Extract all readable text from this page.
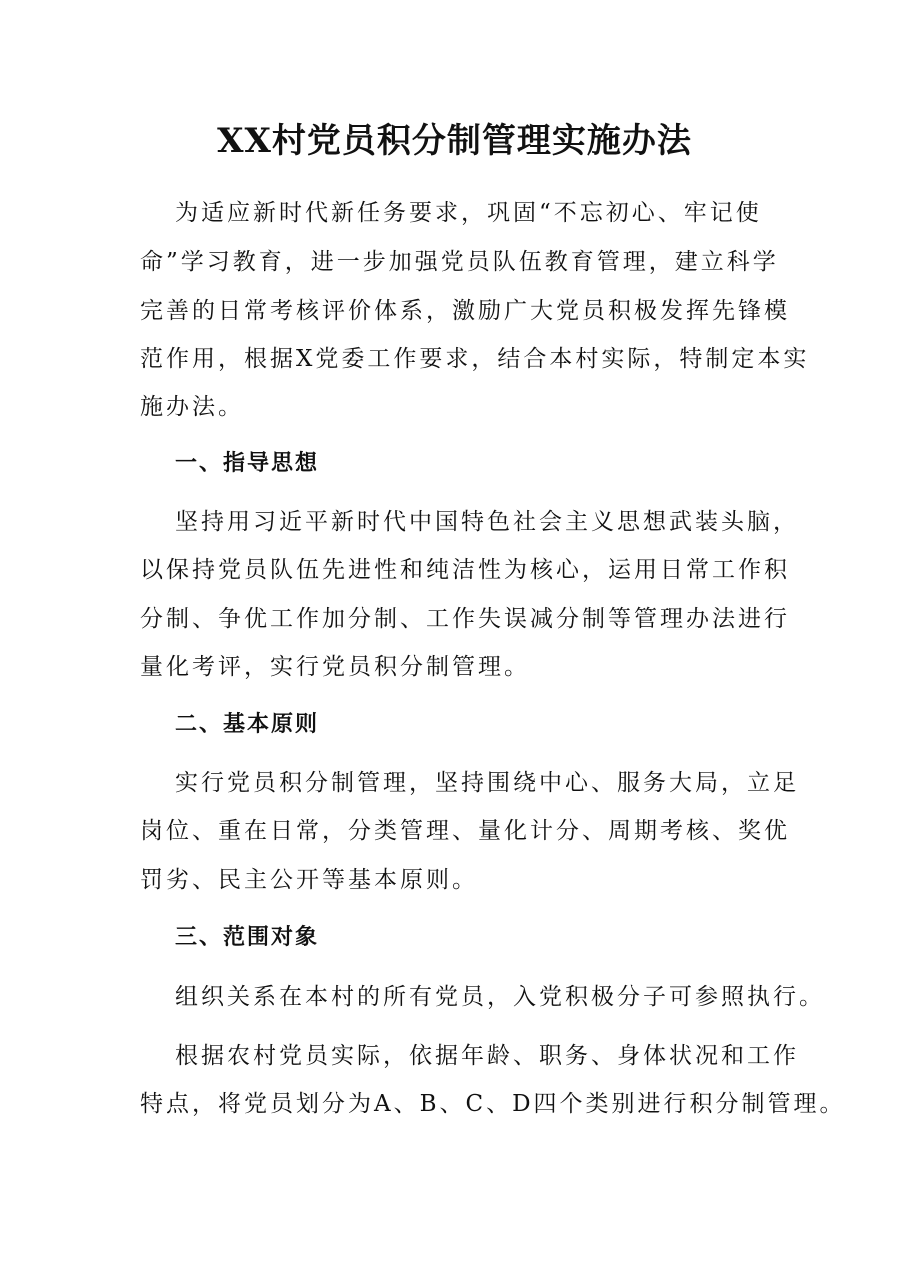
XX村党员积分制管理实施办法
为适应新时代新任务要求，巩固“不忘初心、牢记使
命”学习教育，进一步加强党员队伍教育管理，建立科学
完善的日常考核评价体系，激励广大党员积极发挥先锋模
范作用，根据X党委工作要求，结合本村实际，特制定本实
施办法。
一、指导思想
坚持用习近平新时代中国特色社会主义思想武装头脑，
以保持党员队伍先进性和纯洁性为核心，运用日常工作积
分制、争优工作加分制、工作失误减分制等管理办法进行
量化考评，实行党员积分制管理。
二、基本原则
实行党员积分制管理，坚持围绕中心、服务大局，立足
岗位、重在日常，分类管理、量化计分、周期考核、奖优
罚劣、民主公开等基本原则。
三、范围对象
组织关系在本村的所有党员，入党积极分子可参照执行。
根据农村党员实际，依据年龄、职务、身体状况和工作
特点，将党员划分为A、B、C、D四个类别进行积分制管理。
